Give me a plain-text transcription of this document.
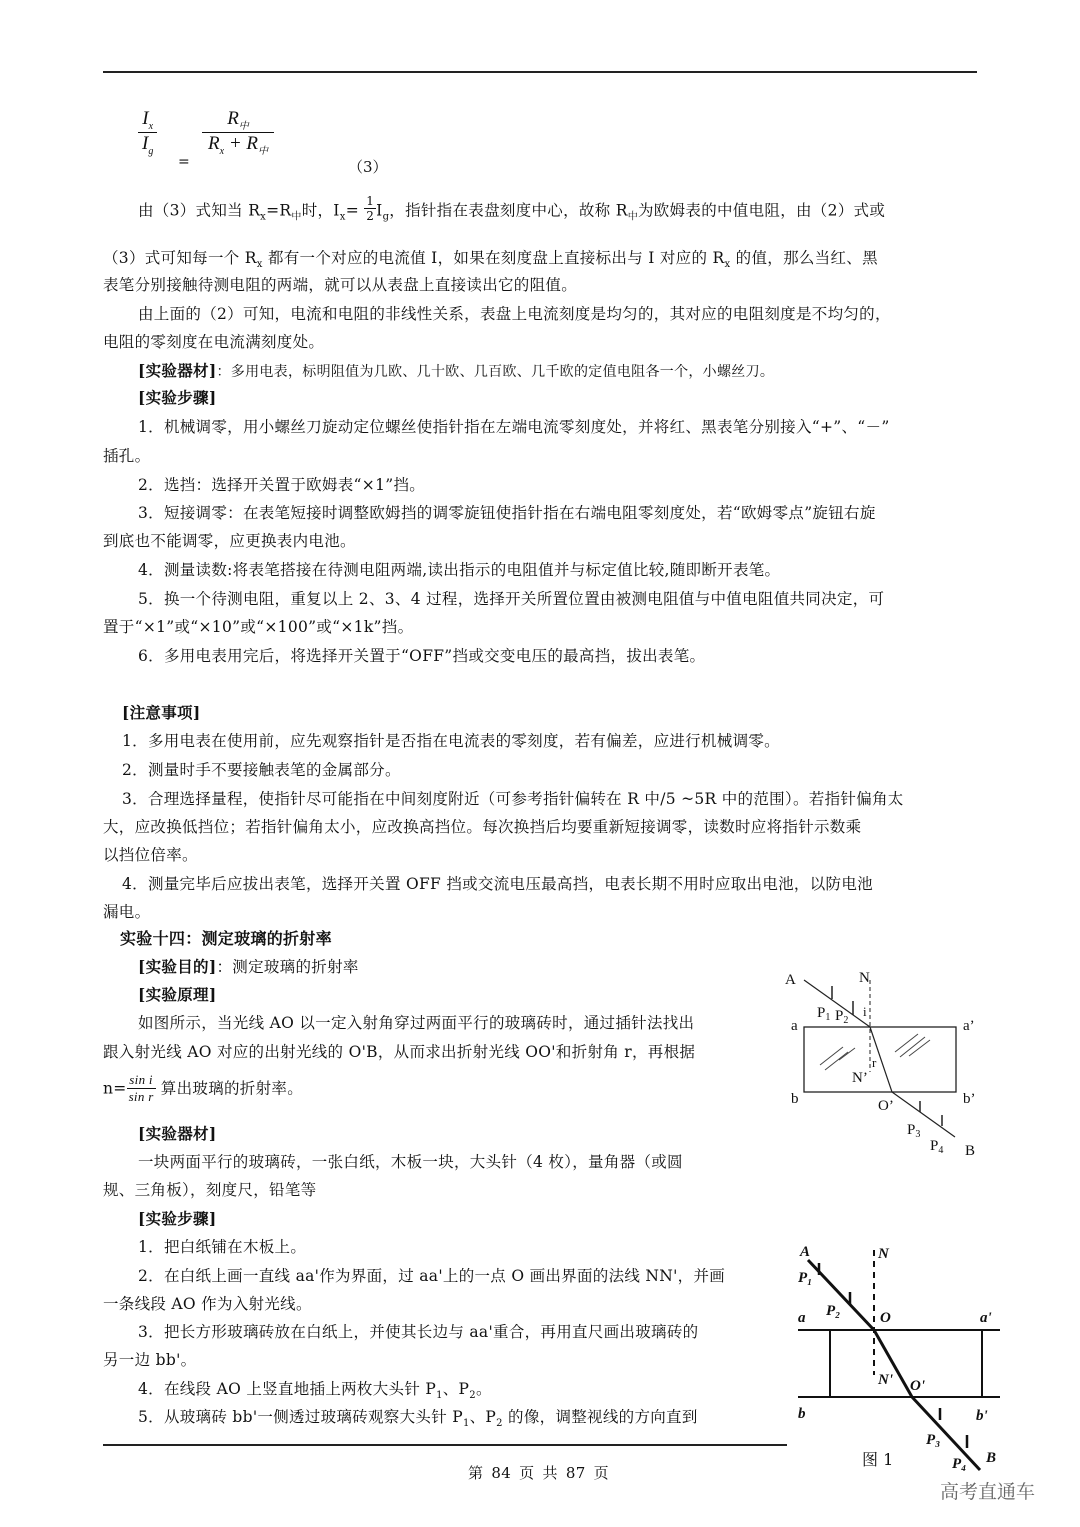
$\frac{I_x}{I_g}$
=
$R_中$
$R_x + R_中$
（3）
由（3）式知当 $R_x=R_中$时，$I_x= \frac{1}{2} I_g$，指针指在表盘刻度中心，故称 $R_中$为欧姆表的中值电阻，由（2）式或
（3）式可知每一个 $R_x$ 都有一个对应的电流值 I，如果在刻度盘上直接标出与 I 对应的 $R_x$ 的值，那么当红、黑
表笔分别接触待测电阻的两端，就可以从表盘上直接读出它的阻值。
由上面的（2）可知，电流和电阻的非线性关系，表盘上电流刻度是均匀的，其对应的电阻刻度是不均匀的，
电阻的零刻度在电流满刻度处。
[实验器材]：多用电表，标明阻值为几欧、几十欧、几百欧、几千欧的定值电阻各一个，小螺丝刀。
[实验步骤]
1．机械调零，用小螺丝刀旋动定位螺丝使指针指在左端电流零刻度处，并将红、黑表笔分别接入“+”、“－”
插孔。
2．选挡：选择开关置于欧姆表“×1”挡。
3．短接调零：在表笔短接时调整欧姆挡的调零旋钮使指针指在右端电阻零刻度处，若“欧姆零点”旋钮右旋
到底也不能调零，应更换表内电池。
4．测量读数:将表笔搭接在待测电阻两端,读出指示的电阻值并与标定值比较,随即断开表笔。
5．换一个待测电阻，重复以上 2、3、4 过程，选择开关所置位置由被测电阻值与中值电阻值共同决定，可
置于“×1”或“×10”或“×100”或“×1k”挡。
6．多用电表用完后，将选择开关置于“OFF”挡或交变电压的最高挡，拔出表笔。
[注意事项]
1．多用电表在使用前，应先观察指针是否指在电流表的零刻度，若有偏差，应进行机械调零。
2．测量时手不要接触表笔的金属部分。
3．合理选择量程，使指针尽可能指在中间刻度附近（可参考指针偏转在 R 中/5 ~5R 中的范围）。若指针偏角太
大，应改换低挡位；若指针偏角太小，应改换高挡位。每次换挡后均要重新短接调零，读数时应将指针示数乘
以挡位倍率。
4．测量完毕后应拔出表笔，选择开关置 OFF 挡或交流电压最高挡，电表长期不用时应取出电池，以防电池
漏电。
实验十四：测定玻璃的折射率
[实验目的]：测定玻璃的折射率
[实验原理]
如图所示，当光线 AO 以一定入射角穿过两面平行的玻璃砖时，通过插针法找出
跟入射光线 AO 对应的出射光线的 O'B，从而求出折射光线 OO'和折射角 r，再根据
$n= \frac{\text{sin i}}{\text{sin r}}$ 算出玻璃的折射率。
[实验器材]
一块两面平行的玻璃砖，一张白纸，木板一块，大头针（4 枚），量角器（或圆
规、三角板），刻度尺，铅笔等
[实验步骤]
1．把白纸铺在木板上。
2．在白纸上画一直线 aa'作为界面，过 aa'上的一点 O 画出界面的法线 NN'，并画
一条线段 AO 作为入射光线。
3．把长方形玻璃砖放在白纸上，并使其长边与 aa'重合，再用直尺画出玻璃砖的
另一边 bb'。
4．在线段 AO 上竖直地插上两枚大头针 $P_1$、$P_2$。
5．从玻璃砖 bb'一侧透过玻璃砖观察大头针 $P_1$、$P_2$ 的像，调整视线的方向直到
A	N
$P_1$ $P_2$
i
a	a’
r
N’
b	b’
O’
$P_3$
$P_4$ B
A	N
P₁
P₂	O
a	a'
N' O'
b	b'
P₃
P₄ B
图 1
第 84 页 共 87 页
高考直通车
